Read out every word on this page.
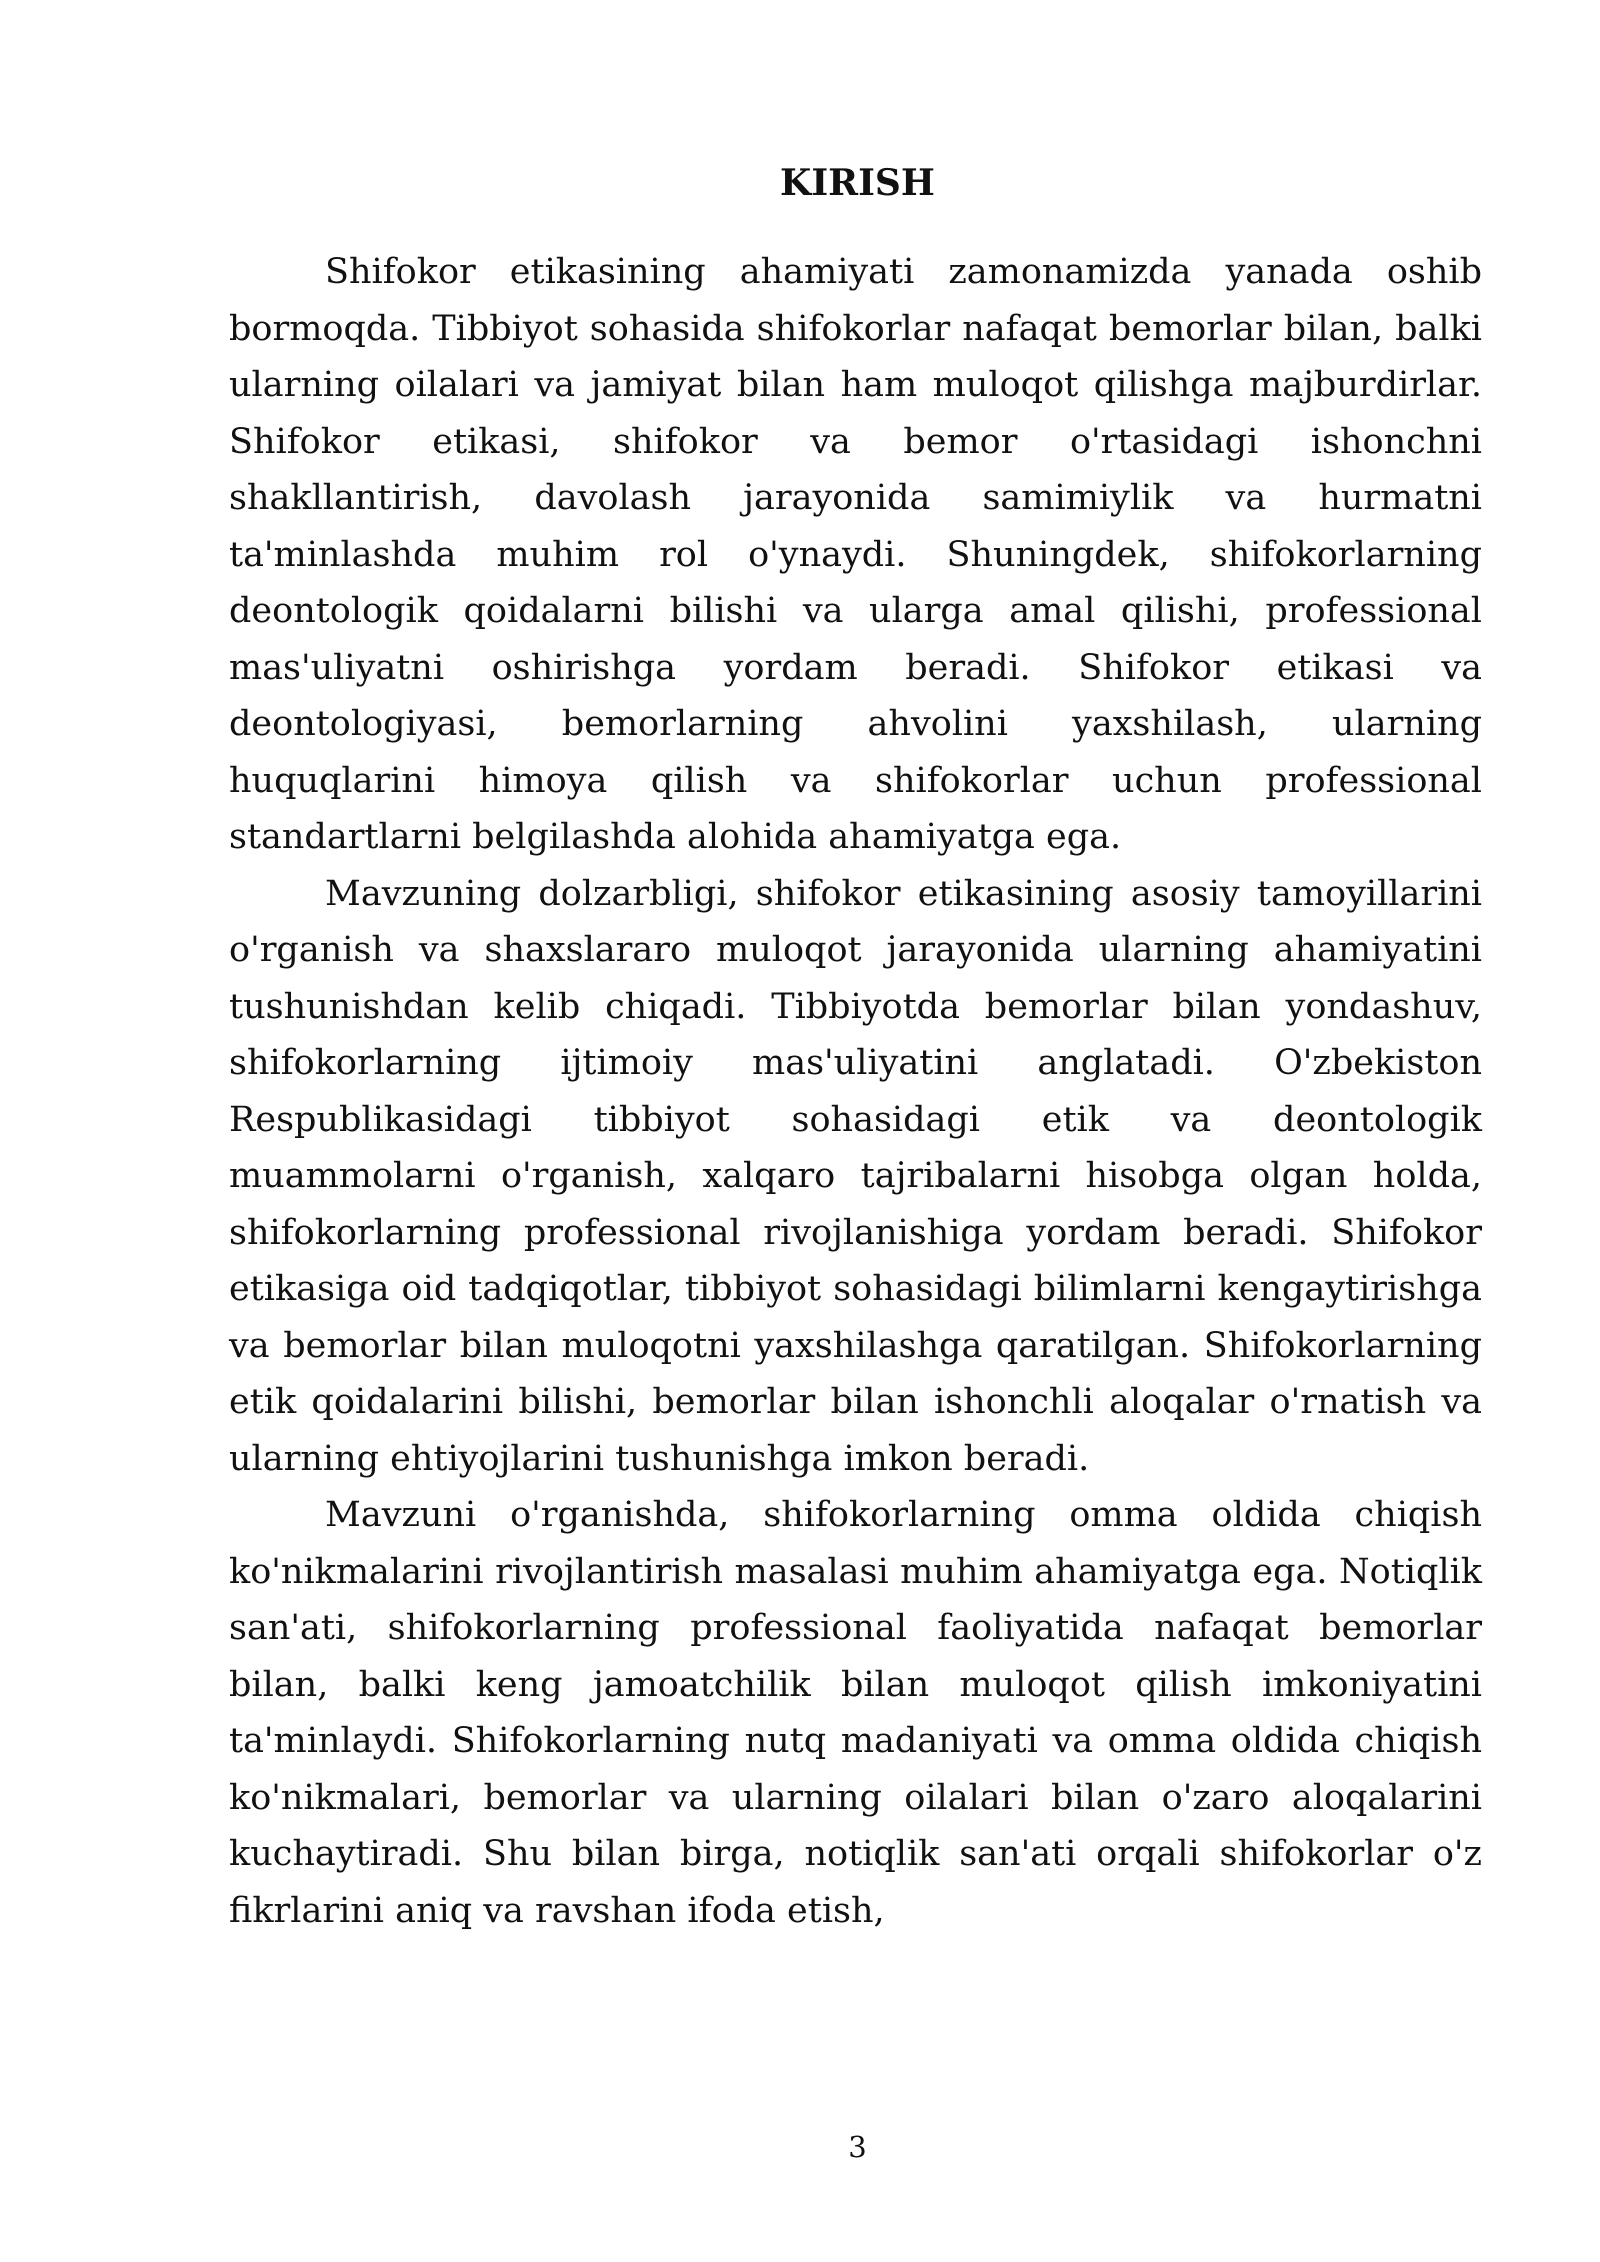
KIRISH

Shifokor etikasining ahamiyati zamonamizda yanada oshib bormoqda. Tibbiyot sohasida shifokorlar nafaqat bemorlar bilan, balki ularning oilalari va jamiyat bilan ham muloqot qilishga majburdirlar. Shifokor etikasi, shifokor va bemor o'rtasidagi ishonchni shakllantirish, davolash jarayonida samimiylik va hurmatni ta'minlashda muhim rol o'ynaydi. Shuningdek, shifokorlarning deontologik qoidalarni bilishi va ularga amal qilishi, professional mas'uliyatni oshirishga yordam beradi. Shifokor etikasi va deontologiyasi, bemorlarning ahvolini yaxshilash, ularning huquqlarini himoya qilish va shifokorlar uchun professional standartlarni belgilashda alohida ahamiyatga ega.

Mavzuning dolzarbligi, shifokor etikasining asosiy tamoyillarini o'rganish va shaxslararo muloqot jarayonida ularning ahamiyatini tushunishdan kelib chiqadi. Tibbiyotda bemorlar bilan yondashuv, shifokorlarning ijtimoiy mas'uliyatini anglatadi. O'zbekiston Respublikasidagi tibbiyot sohasidagi etik va deontologik muammolarni o'rganish, xalqaro tajribalarni hisobga olgan holda, shifokorlarning professional rivojlanishiga yordam beradi. Shifokor etikasiga oid tadqiqotlar, tibbiyot sohasidagi bilimlarni kengaytirishga va bemorlar bilan muloqotni yaxshilashga qaratilgan. Shifokorlarning etik qoidalarini bilishi, bemorlar bilan ishonchli aloqalar o'rnatish va ularning ehtiyojlarini tushunishga imkon beradi.

Mavzuni o'rganishda, shifokorlarning omma oldida chiqish ko'nikmalarini rivojlantirish masalasi muhim ahamiyatga ega. Notiqlik san'ati, shifokorlarning professional faoliyatida nafaqat bemorlar bilan, balki keng jamoatchilik bilan muloqot qilish imkoniyatini ta'minlaydi. Shifokorlarning nutq madaniyati va omma oldida chiqish ko'nikmalari, bemorlar va ularning oilalari bilan o'zaro aloqalarini kuchaytiradi. Shu bilan birga, notiqlik san'ati orqali shifokorlar o'z fikrlarini aniq va ravshan ifoda etish,

3
